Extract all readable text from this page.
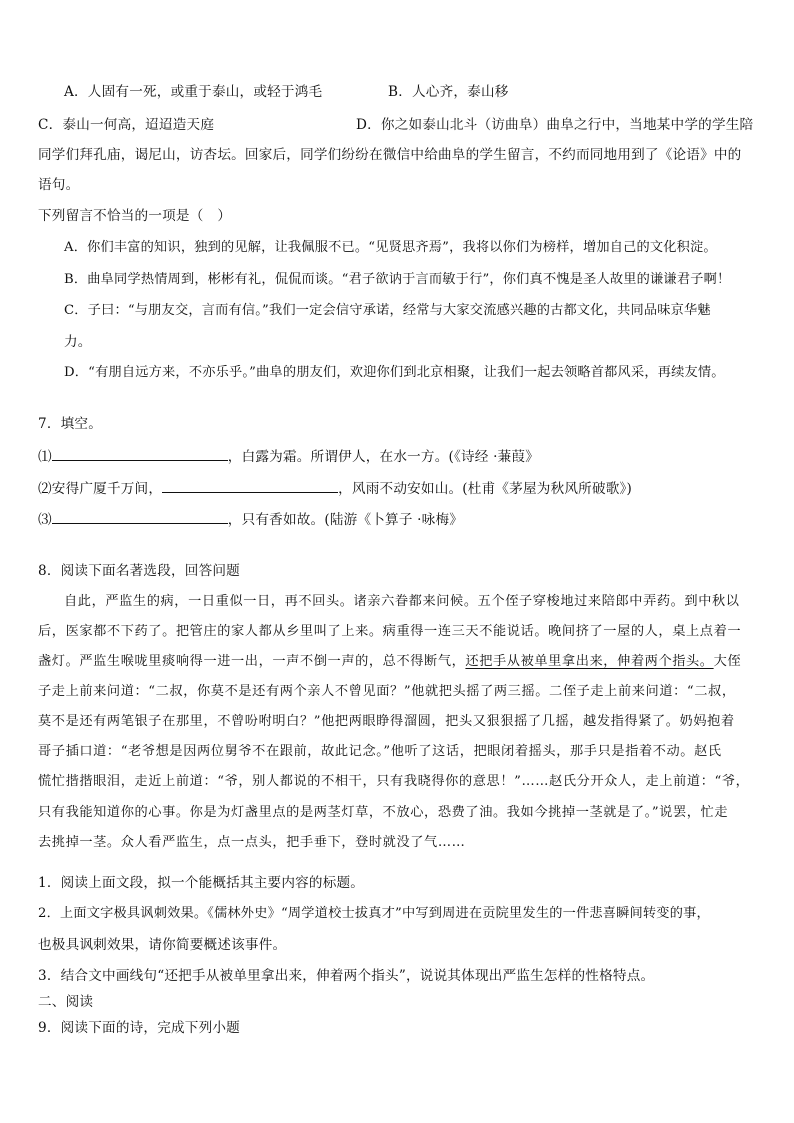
A．人固有一死，或重于泰山，或轻于鸿毛	B．人心齐，泰山移
C．泰山一何高，迢迢造天庭	D．你之如泰山北斗（访曲阜）曲阜之行中，当地某中学的学生陪
同学们拜孔庙，谒尼山，访杏坛。回家后，同学们纷纷在微信中给曲阜的学生留言，不约而同地用到了《论语》中的
语句。
下列留言不恰当的一项是（　）
A．你们丰富的知识，独到的见解，让我佩服不已。“见贤思齐焉”，我将以你们为榜样，增加自己的文化积淀。
B．曲阜同学热情周到，彬彬有礼，侃侃而谈。“君子欲讷于言而敏于行”，你们真不愧是圣人故里的谦谦君子啊！
C．子曰：“与朋友交，言而有信。”我们一定会信守承诺，经常与大家交流感兴趣的古都文化，共同品味京华魅
力。
D．“有朋自远方来，不亦乐乎。”曲阜的朋友们，欢迎你们到北京相聚，让我们一起去领略首都风采，再续友情。
7．填空。
⑴	，白露为霜。所谓伊人，在水一方。(《诗经 ·蒹葭》
⑵安得广厦千万间，	，风雨不动安如山。(杜甫《茅屋为秋风所破歌》)
⑶	，只有香如故。(陆游《卜算子 ·咏梅》
8．阅读下面名著选段，回答问题
自此，严监生的病，一日重似一日，再不回头。诸亲六眷都来问候。五个侄子穿梭地过来陪郎中弄药。到中秋以
后，医家都不下药了。把管庄的家人都从乡里叫了上来。病重得一连三天不能说话。晚间挤了一屋的人，桌上点着一
盏灯。严监生喉咙里痰响得一进一出，一声不倒一声的，总不得断气，还把手从被单里拿出来，伸着两个指头。大侄
子走上前来问道：“二叔，你莫不是还有两个亲人不曾见面？”他就把头摇了两三摇。二侄子走上前来问道：“二叔，
莫不是还有两笔银子在那里，不曾吩咐明白？”他把两眼睁得溜圆，把头又狠狠摇了几摇，越发指得紧了。奶妈抱着
哥子插口道：“老爷想是因两位舅爷不在跟前，故此记念。”他听了这话，把眼闭着摇头，那手只是指着不动。赵氏
慌忙揩揩眼泪，走近上前道：“爷，别人都说的不相干，只有我晓得你的意思！”……赵氏分开众人，走上前道：“爷，
只有我能知道你的心事。你是为灯盏里点的是两茎灯草，不放心，恐费了油。我如今挑掉一茎就是了。”说罢，忙走
去挑掉一茎。众人看严监生，点一点头，把手垂下，登时就没了气……
1．阅读上面文段，拟一个能概括其主要内容的标题。
2．上面文字极具讽刺效果。《儒林外史》“周学道校士拔真才”中写到周进在贡院里发生的一件悲喜瞬间转变的事，
也极具讽刺效果，请你简要概述该事件。
3．结合文中画线句“还把手从被单里拿出来，伸着两个指头”，说说其体现出严监生怎样的性格特点。
二、阅读
9．阅读下面的诗，完成下列小题
